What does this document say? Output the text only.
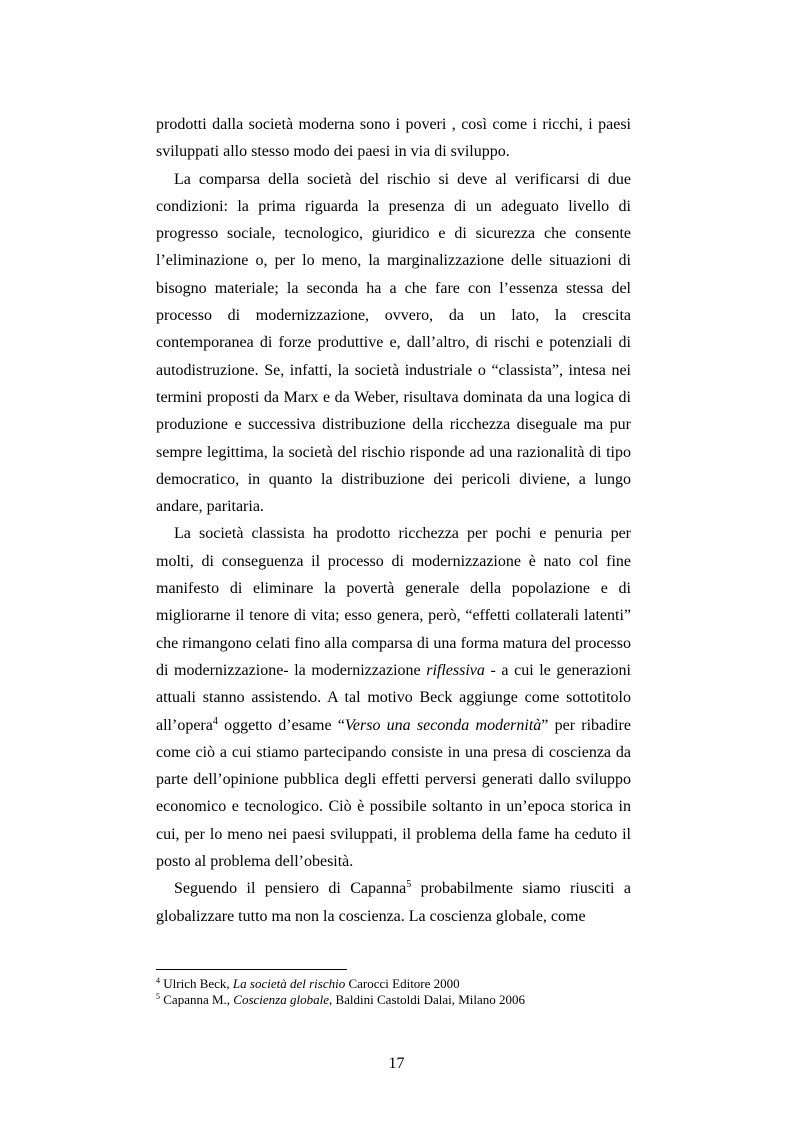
prodotti dalla società moderna sono i poveri , così come i ricchi, i paesi sviluppati allo stesso modo dei paesi in via di sviluppo.

La comparsa della società del rischio si deve al verificarsi di due condizioni: la prima riguarda la presenza di un adeguato livello di progresso sociale, tecnologico, giuridico e di sicurezza che consente l’eliminazione o, per lo meno, la marginalizzazione delle situazioni di bisogno materiale; la seconda ha a che fare con l’essenza stessa del processo di modernizzazione, ovvero, da un lato, la crescita contemporanea di forze produttive e, dall’altro, di rischi e potenziali di autodistruzione. Se, infatti, la società industriale o “classista”, intesa nei termini proposti da Marx e da Weber, risultava dominata da una logica di produzione e successiva distribuzione della ricchezza diseguale ma pur sempre legittima, la società del rischio risponde ad una razionalità di tipo democratico, in quanto la distribuzione dei pericoli diviene, a lungo andare, paritaria.

La società classista ha prodotto ricchezza per pochi e penuria per molti, di conseguenza il processo di modernizzazione è nato col fine manifesto di eliminare la povertà generale della popolazione e di migliorarne il tenore di vita; esso genera, però, “effetti collaterali latenti” che rimangono celati fino alla comparsa di una forma matura del processo di modernizzazione- la modernizzazione riflessiva - a cui le generazioni attuali stanno assistendo. A tal motivo Beck aggiunge come sottotitolo all’opera$^4$ oggetto d’esame “Verso una seconda modernità” per ribadire come ciò a cui stiamo partecipando consiste in una presa di coscienza da parte dell’opinione pubblica degli effetti perversi generati dallo sviluppo economico e tecnologico. Ciò è possibile soltanto in un’epoca storica in cui, per lo meno nei paesi sviluppati, il problema della fame ha ceduto il posto al problema dell’obesità.

Seguendo il pensiero di Capanna$^5$ probabilmente siamo riusciti a globalizzare tutto ma non la coscienza. La coscienza globale, come

$^4$ Ulrich Beck, La società del rischio Carocci Editore 2000
$^5$ Capanna M., Coscienza globale, Baldini Castoldi Dalai, Milano 2006
17
